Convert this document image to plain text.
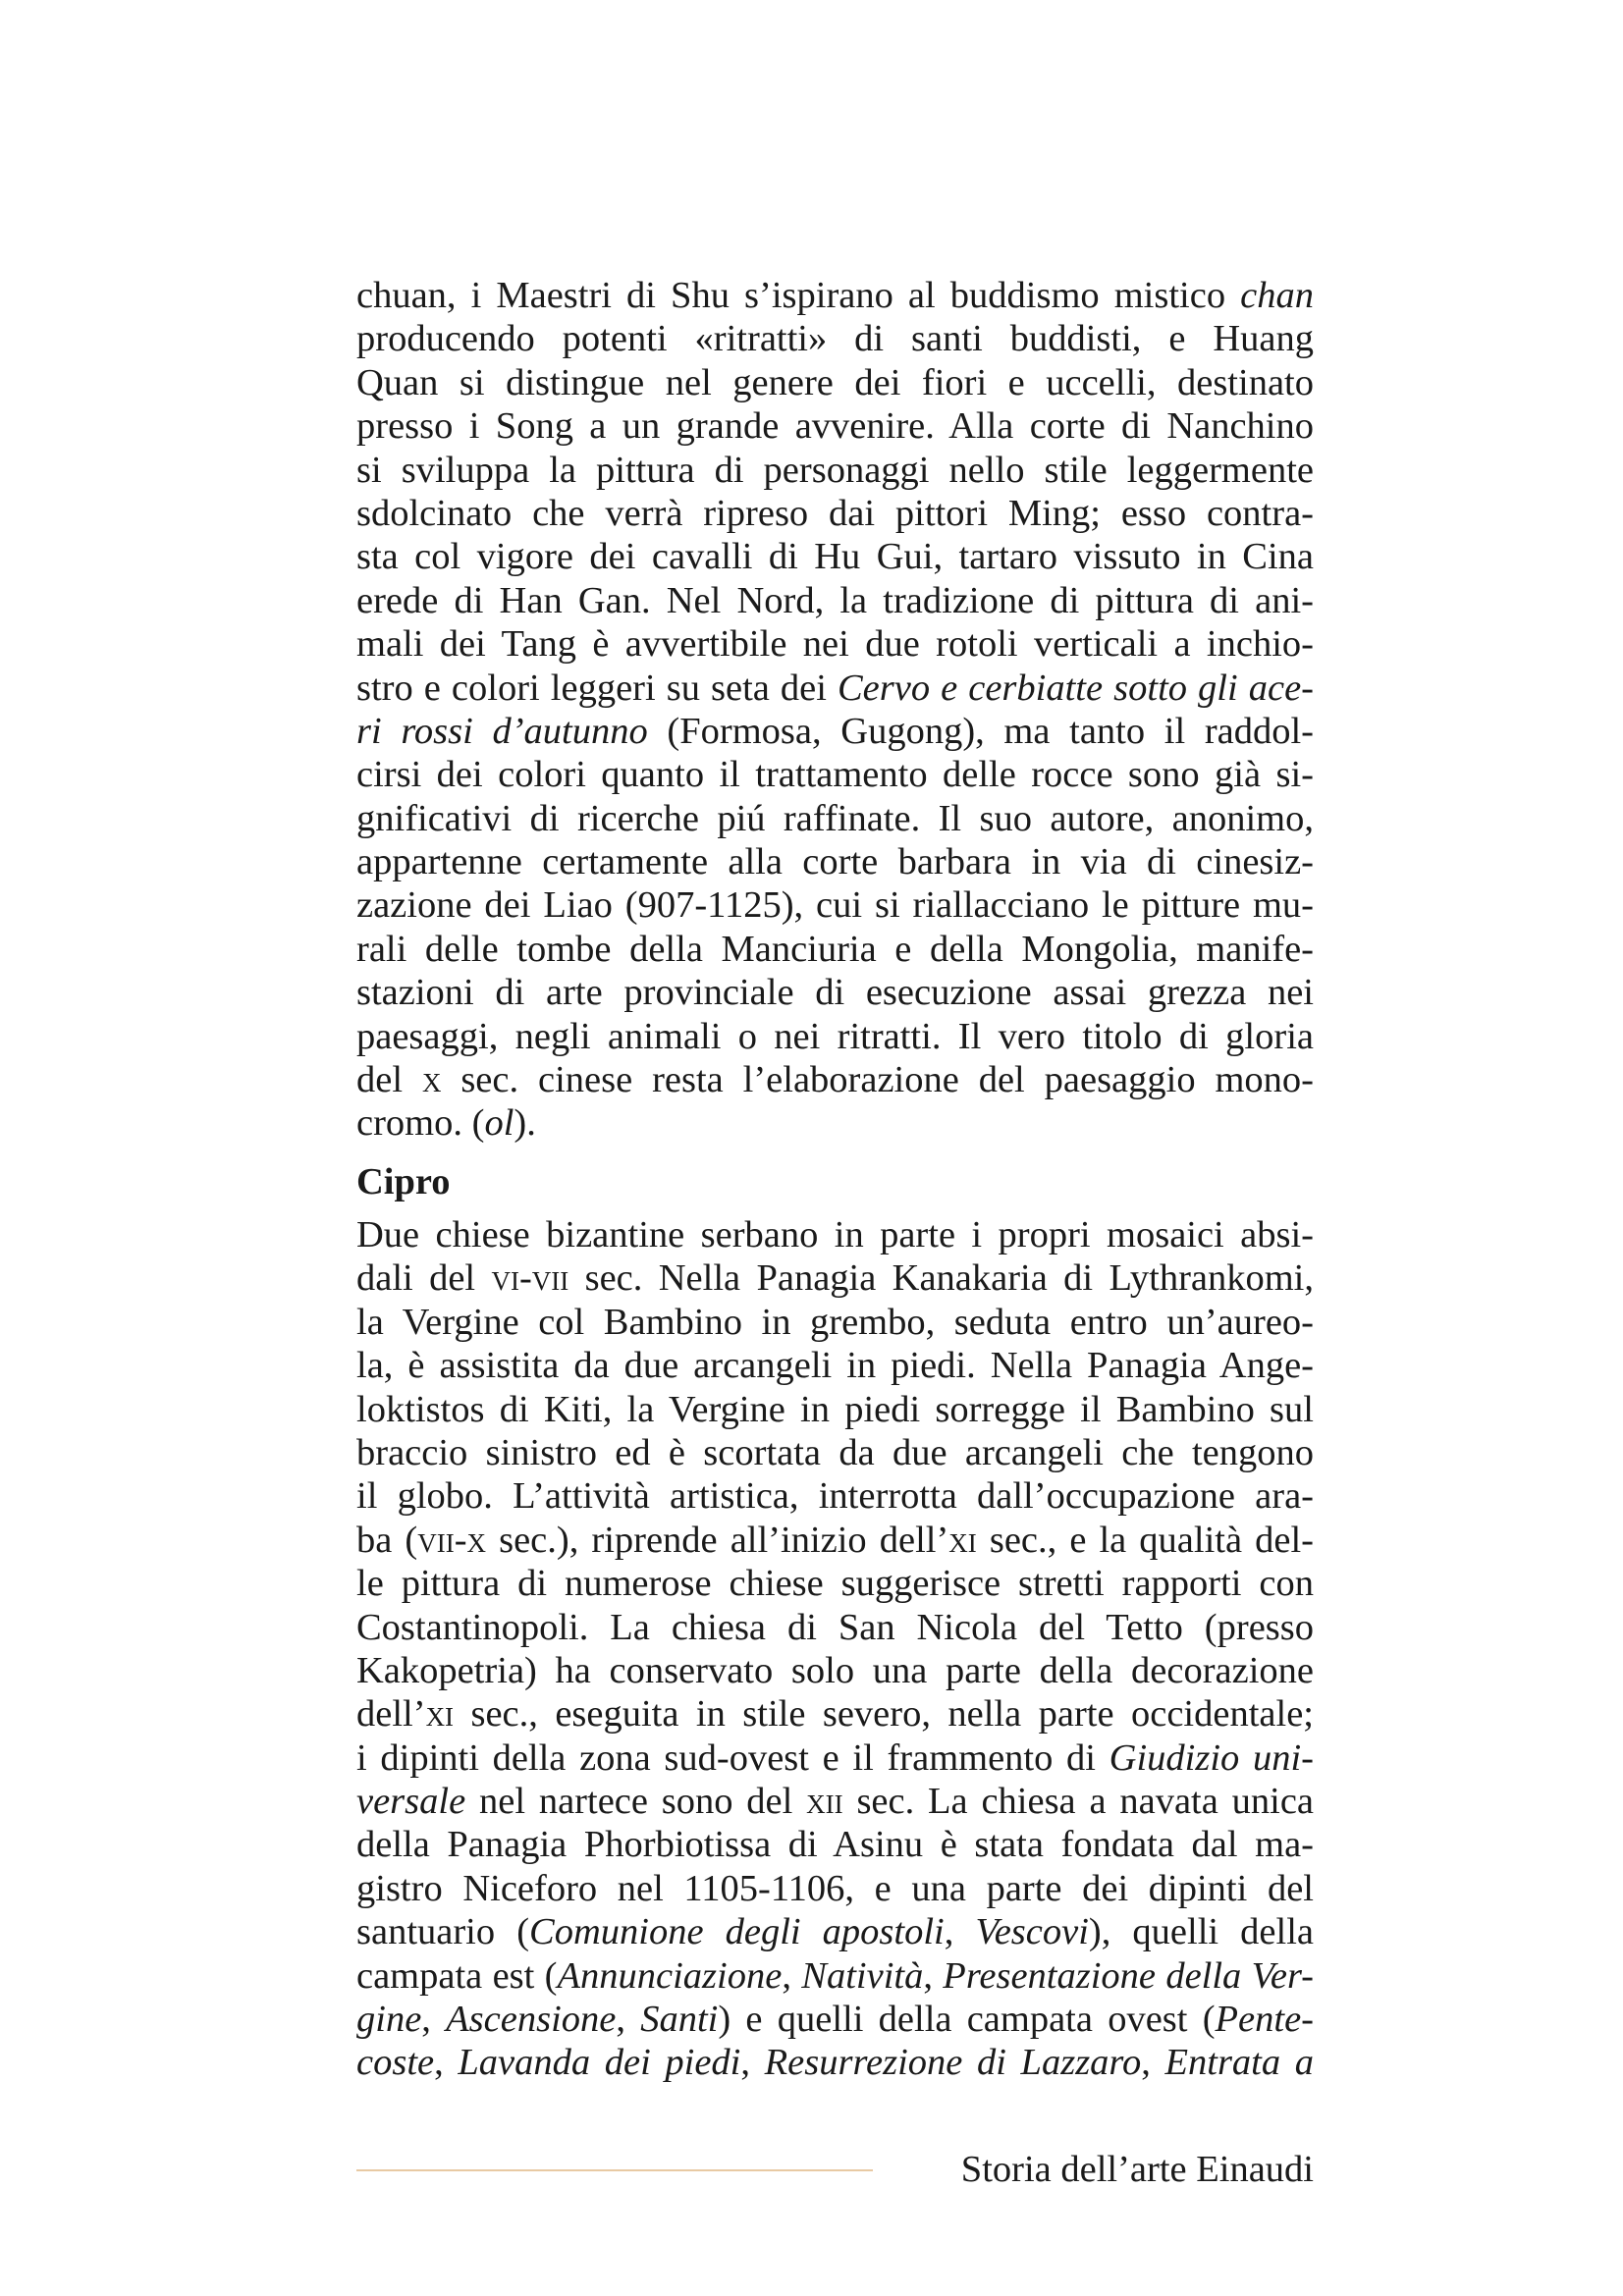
chuan, i Maestri di Shu s’ispirano al buddismo mistico chan
producendo potenti «ritratti» di santi buddisti, e Huang
Quan si distingue nel genere dei fiori e uccelli, destinato
presso i Song a un grande avvenire. Alla corte di Nanchino
si sviluppa la pittura di personaggi nello stile leggermente
sdolcinato che verrà ripreso dai pittori Ming; esso contra-
sta col vigore dei cavalli di Hu Gui, tartaro vissuto in Cina
erede di Han Gan. Nel Nord, la tradizione di pittura di ani-
mali dei Tang è avvertibile nei due rotoli verticali a inchio-
stro e colori leggeri su seta dei Cervo e cerbiatte sotto gli ace-
ri rossi d’autunno (Formosa, Gugong), ma tanto il raddol-
cirsi dei colori quanto il trattamento delle rocce sono già si-
gnificativi di ricerche piú raffinate. Il suo autore, anonimo,
appartenne certamente alla corte barbara in via di cinesiz-
zazione dei Liao (907-1125), cui si riallacciano le pitture mu-
rali delle tombe della Manciuria e della Mongolia, manife-
stazioni di arte provinciale di esecuzione assai grezza nei
paesaggi, negli animali o nei ritratti. Il vero titolo di gloria
del x sec. cinese resta l’elaborazione del paesaggio mono-
cromo. (ol).
Cipro
Due chiese bizantine serbano in parte i propri mosaici absi-
dali del vi-vii sec. Nella Panagia Kanakaria di Lythrankomi,
la Vergine col Bambino in grembo, seduta entro un’aureo-
la, è assistita da due arcangeli in piedi. Nella Panagia Ange-
loktistos di Kiti, la Vergine in piedi sorregge il Bambino sul
braccio sinistro ed è scortata da due arcangeli che tengono
il globo. L’attività artistica, interrotta dall’occupazione ara-
ba (vii-x sec.), riprende all’inizio dell’xi sec., e la qualità del-
le pittura di numerose chiese suggerisce stretti rapporti con
Costantinopoli. La chiesa di San Nicola del Tetto (presso
Kakopetria) ha conservato solo una parte della decorazione
dell’xi sec., eseguita in stile severo, nella parte occidentale;
i dipinti della zona sud-ovest e il frammento di Giudizio uni-
versale nel nartece sono del xii sec. La chiesa a navata unica
della Panagia Phorbiotissa di Asinu è stata fondata dal ma-
gistro Niceforo nel 1105-1106, e una parte dei dipinti del
santuario (Comunione degli apostoli, Vescovi), quelli della
campata est (Annunciazione, Natività, Presentazione della Ver-
gine, Ascensione, Santi) e quelli della campata ovest (Pente-
coste, Lavanda dei piedi, Resurrezione di Lazzaro, Entrata a
Storia dell’arte Einaudi
